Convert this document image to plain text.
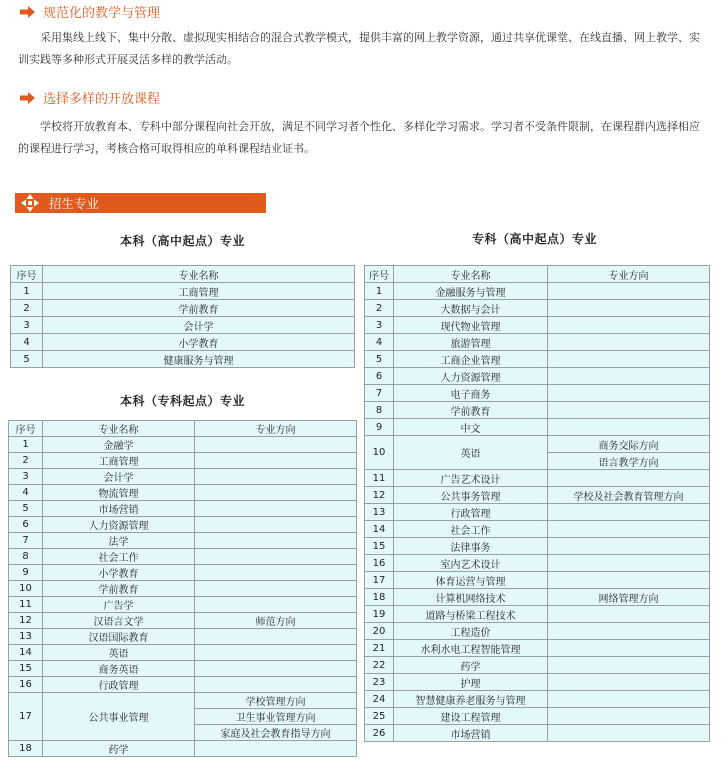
规范化的教学与管理

采用集线上线下、集中分散、虚拟现实相结合的混合式教学模式，提供丰富的网上教学资源，通过共享优课堂、在线直播、网上教学、实训实践等多种形式开展灵活多样的教学活动。

选择多样的开放课程

学校将开放教育本、专科中部分课程向社会开放，满足不同学习者个性化、多样化学习需求。学习者不受条件限制，在课程群内选择相应的课程进行学习，考核合格可取得相应的单科课程结业证书。

招生专业
本科（高中起点）专业
本科（专科起点）专业
专科（高中起点）专业
序号	专业名称
1	工商管理
2	学前教育
3	会计学
4	小学教育
5	健康服务与管理
序号	专业名称	专业方向
1	金融学	
2	工商管理	
3	会计学	
4	物流管理	
5	市场营销	
6	人力资源管理	
7	法学	
8	社会工作	
9	小学教育	
10	学前教育	
11	广告学	
12	汉语言文学	师范方向
13	汉语国际教育	
14	英语	
15	商务英语	
16	行政管理	
17	公共事业管理	学校管理方向
		卫生事业管理方向
		家庭及社会教育指导方向
18	药学	
序号	专业名称	专业方向
1	金融服务与管理	
2	大数据与会计	
3	现代物业管理	
4	旅游管理	
5	工商企业管理	
6	人力资源管理	
7	电子商务	
8	学前教育	
9	中文	
10	英语	商务交际方向
		语言教学方向
11	广告艺术设计	
12	公共事务管理	学校及社会教育管理方向
13	行政管理	
14	社会工作	
15	法律事务	
16	室内艺术设计	
17	体育运营与管理	
18	计算机网络技术	网络管理方向
19	道路与桥梁工程技术	
20	工程造价	
21	水利水电工程智能管理	
22	药学	
23	护理	
24	智慧健康养老服务与管理	
25	建设工程管理	
26	市场营销	
